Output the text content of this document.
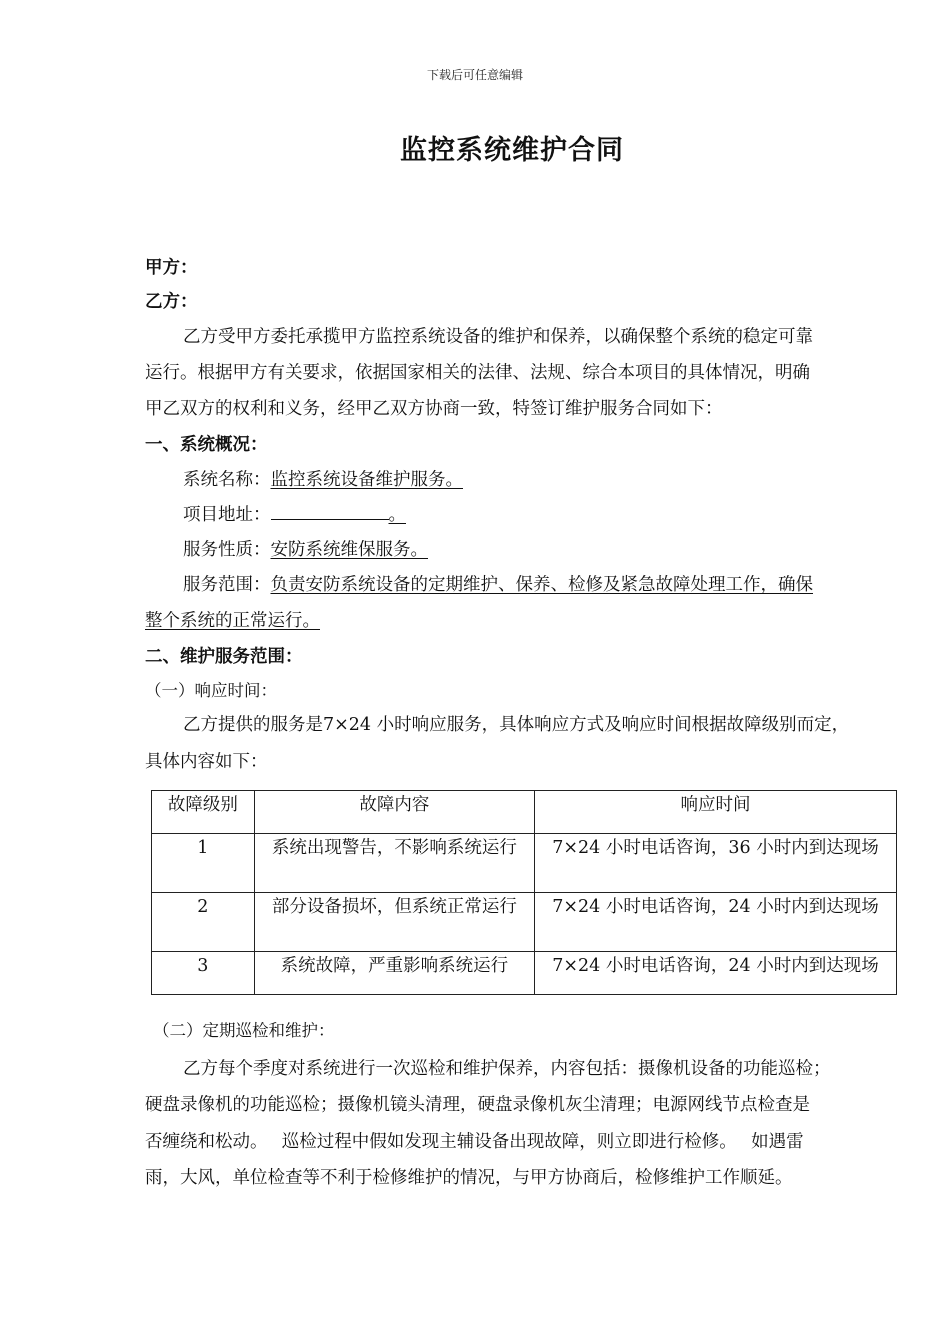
下载后可任意编辑
监控系统维护合同
甲方：
乙方：
乙方受甲方委托承揽甲方监控系统设备的维护和保养，以确保整个系统的稳定可靠
运行。根据甲方有关要求，依据国家相关的法律、法规、综合本项目的具体情况，明确
甲乙双方的权利和义务，经甲乙双方协商一致，特签订维护服务合同如下：
一、系统概况：
系统名称：监控系统设备维护服务。
项目地址：	。
服务性质：安防系统维保服务。
服务范围：负责安防系统设备的定期维护、保养、检修及紧急故障处理工作，确保
整个系统的正常运行。
二、维护服务范围：
（一）响应时间：
乙方提供的服务是7×24 小时响应服务，具体响应方式及响应时间根据故障级别而定，
具体内容如下：
故障级别	故障内容	响应时间
1	系统出现警告，不影响系统运行	7×24 小时电话咨询，36 小时内到达现场
2	部分设备损坏，但系统正常运行	7×24 小时电话咨询，24 小时内到达现场
3	系统故障，严重影响系统运行	7×24 小时电话咨询，24 小时内到达现场
（二）定期巡检和维护：
乙方每个季度对系统进行一次巡检和维护保养，内容包括：摄像机设备的功能巡检；
硬盘录像机的功能巡检；摄像机镜头清理，硬盘录像机灰尘清理；电源网线节点检查是
否缠绕和松动。　 巡检过程中假如发现主辅设备出现故障，则立即进行检修。　 如遇雷
雨，大风，单位检查等不利于检修维护的情况，与甲方协商后，检修维护工作顺延。
